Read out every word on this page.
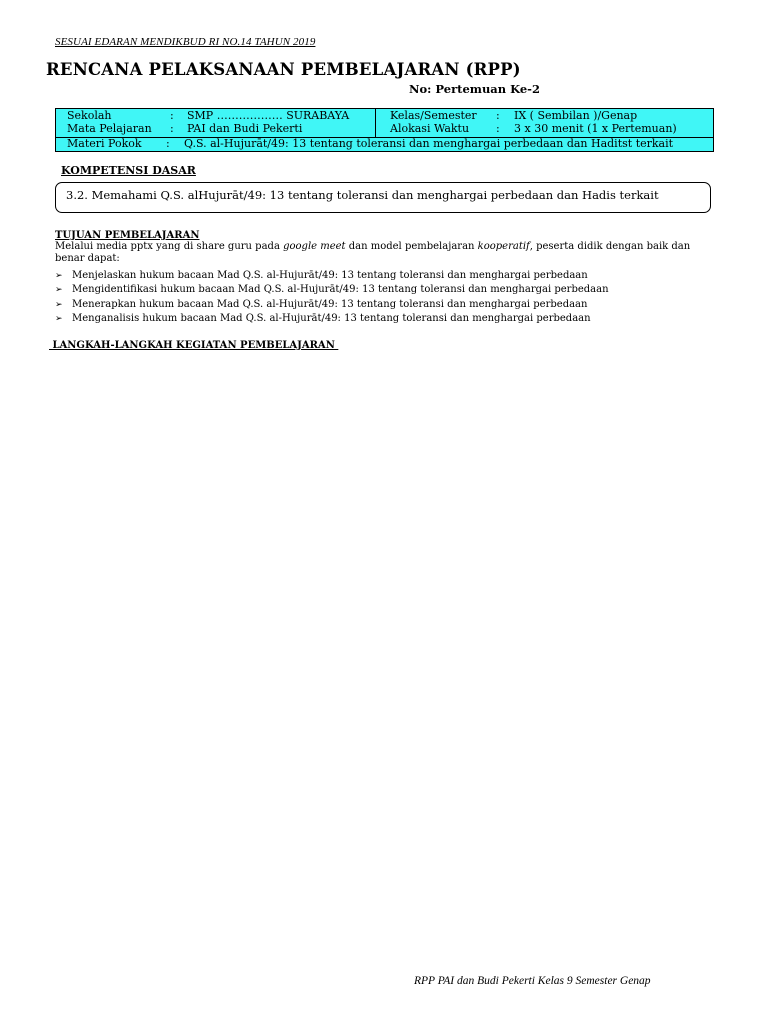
SESUAI EDARAN MENDIKBUD RI NO.14 TAHUN 2019
RENCANA PELAKSANAAN PEMBELAJARAN (RPP)
No: Pertemuan Ke-2
Sekolah	: SMP ……………… SURABAYA	Kelas/Semester : IX ( Sembilan )/Genap
Mata Pelajaran : PAI dan Budi Pekerti	Alokasi Waktu : 3 x 30 menit (1 x Pertemuan)
Materi Pokok : Q.S. al-Hujurāt/49: 13 tentang toleransi dan menghargai perbedaan dan Haditst terkait
KOMPETENSI DASAR
3.2. Memahami Q.S. alHujurāt/49: 13 tentang toleransi dan menghargai perbedaan dan Hadis terkait
TUJUAN PEMBELAJARAN
Melalui media pptx yang di share guru pada google meet dan model pembelajaran kooperatif, peserta didik dengan baik dan benar dapat:
➢ Menjelaskan hukum bacaan Mad Q.S. al-Hujurāt/49: 13 tentang toleransi dan menghargai perbedaan
➢ Mengidentifikasi hukum bacaan Mad Q.S. al-Hujurāt/49: 13 tentang toleransi dan menghargai perbedaan
➢ Menerapkan hukum bacaan Mad Q.S. al-Hujurāt/49: 13 tentang toleransi dan menghargai perbedaan
➢ Menganalisis hukum bacaan Mad Q.S. al-Hujurāt/49: 13 tentang toleransi dan menghargai perbedaan
LANGKAH-LANGKAH KEGIATAN PEMBELAJARAN
RPP PAI dan Budi Pekerti Kelas 9 Semester Genap
